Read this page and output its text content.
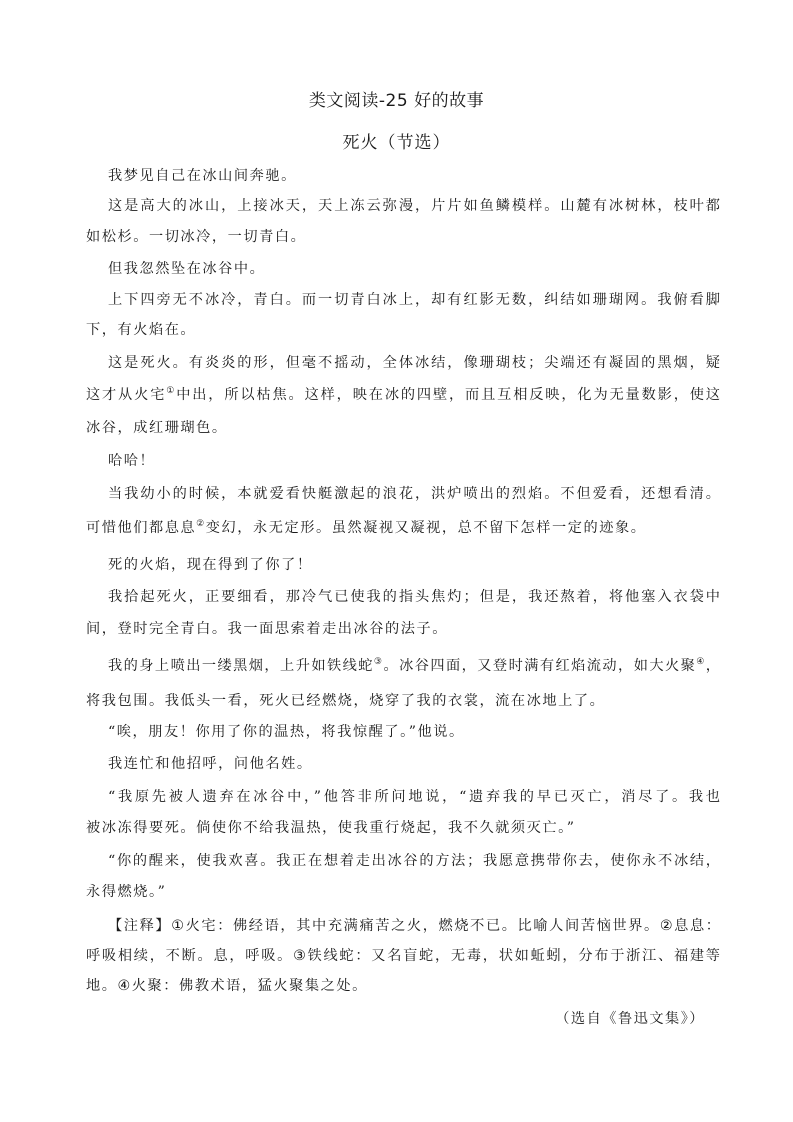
类文阅读-25 好的故事
死火（节选）
我梦见自己在冰山间奔驰。
这是高大的冰山，上接冰天，天上冻云弥漫，片片如鱼鳞模样。山麓有冰树林，枝叶都
如松杉。一切冰冷，一切青白。
但我忽然坠在冰谷中。
上下四旁无不冰冷，青白。而一切青白冰上，却有红影无数，纠结如珊瑚网。我俯看脚
下，有火焰在。
这是死火。有炎炎的形，但毫不摇动，全体冰结，像珊瑚枝；尖端还有凝固的黑烟，疑
这才从火宅①中出，所以枯焦。这样，映在冰的四壁，而且互相反映，化为无量数影，使这
冰谷，成红珊瑚色。
哈哈！
当我幼小的时候，本就爱看快艇激起的浪花，洪炉喷出的烈焰。不但爱看，还想看清。
可惜他们都息息②变幻，永无定形。虽然凝视又凝视，总不留下怎样一定的迹象。
死的火焰，现在得到了你了！
我拾起死火，正要细看，那冷气已使我的指头焦灼；但是，我还熬着，将他塞入衣袋中
间，登时完全青白。我一面思索着走出冰谷的法子。
我的身上喷出一缕黑烟，上升如铁线蛇③。冰谷四面，又登时满有红焰流动，如大火聚④，
将我包围。我低头一看，死火已经燃烧，烧穿了我的衣裳，流在冰地上了。
“唉，朋友！你用了你的温热，将我惊醒了。”他说。
我连忙和他招呼，问他名姓。
“我原先被人遗弃在冰谷中，”他答非所问地说，“遗弃我的早已灭亡，消尽了。我也
被冰冻得要死。倘使你不给我温热，使我重行烧起，我不久就须灭亡。”
“你的醒来，使我欢喜。我正在想着走出冰谷的方法；我愿意携带你去，使你永不冰结，
永得燃烧。”
【注释】①火宅：佛经语，其中充满痛苦之火，燃烧不已。比喻人间苦恼世界。②息息：
呼吸相续，不断。息，呼吸。③铁线蛇：又名盲蛇，无毒，状如蚯蚓，分布于浙江、福建等
地。④火聚：佛教术语，猛火聚集之处。
（选自《鲁迅文集》）
